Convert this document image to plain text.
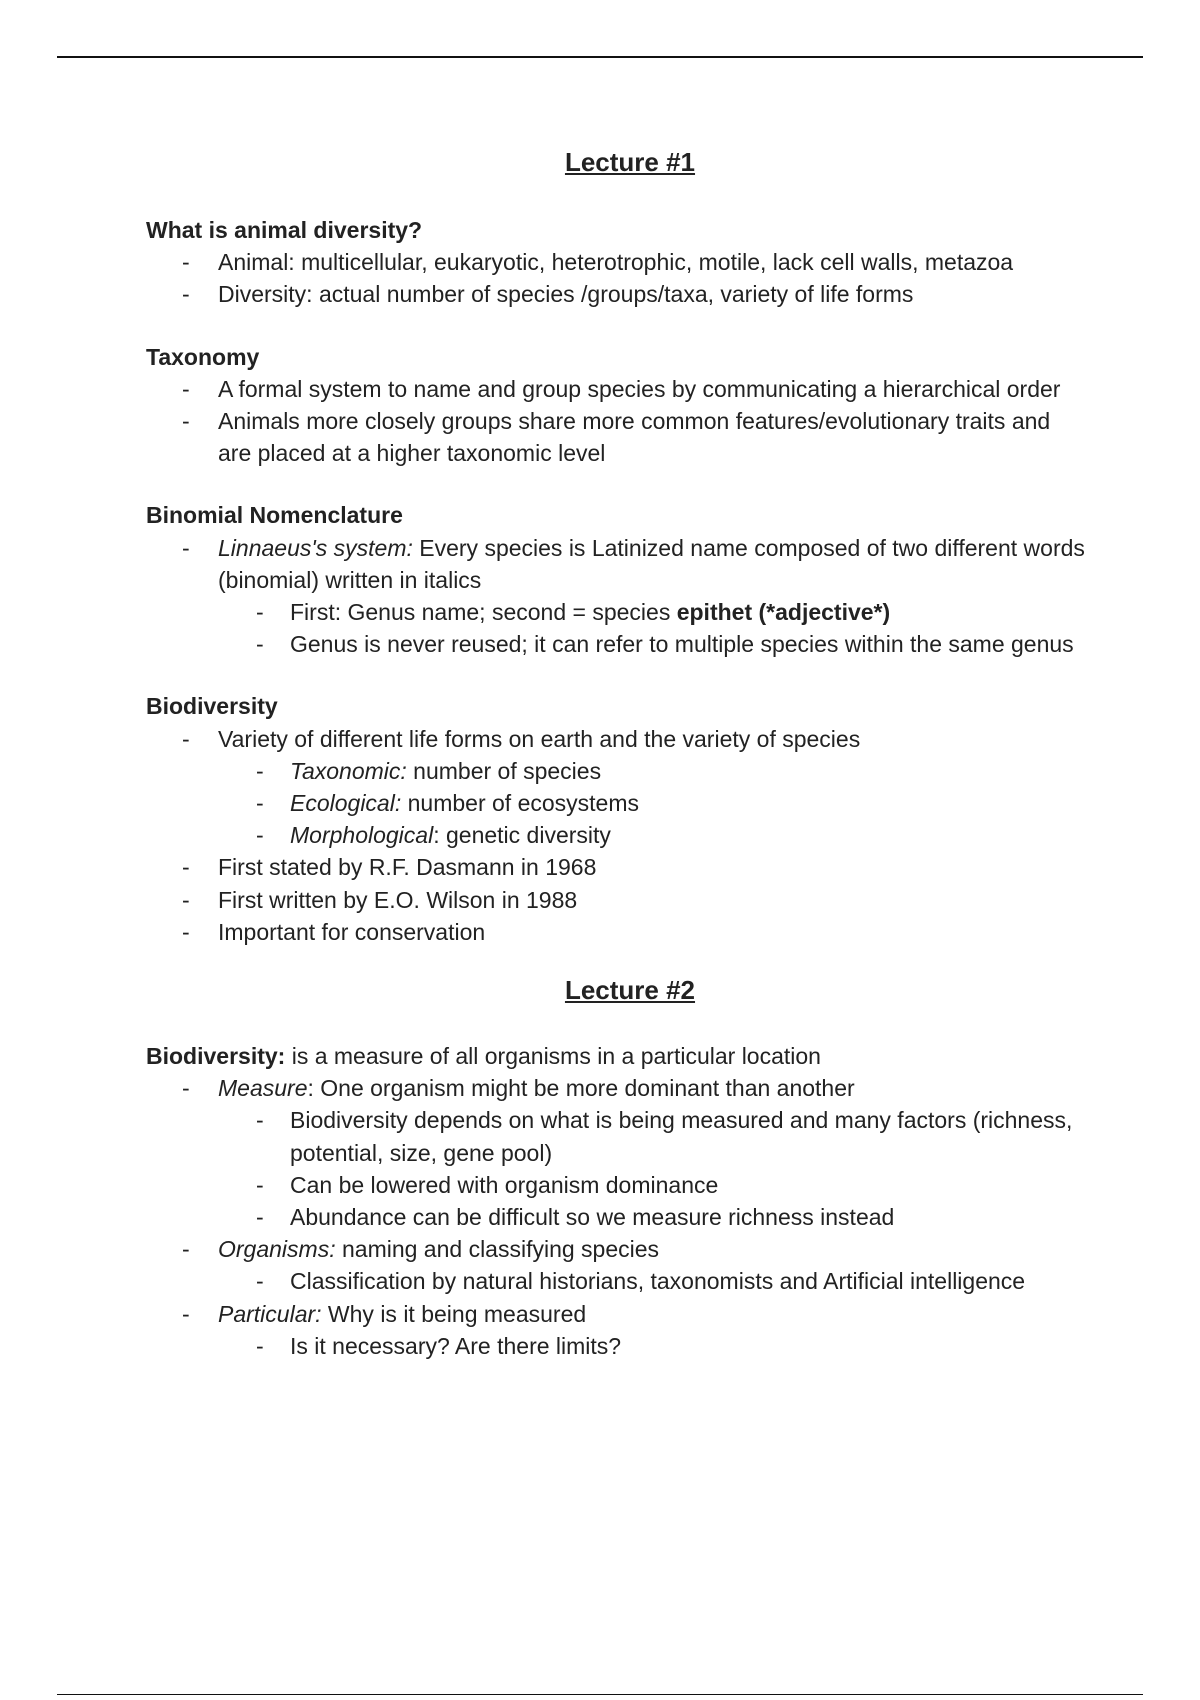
Lecture #1

What is animal diversity?

- Animal: multicellular, eukaryotic, heterotrophic, motile, lack cell walls, metazoa
- Diversity: actual number of species /groups/taxa, variety of life forms

Taxonomy

- A formal system to name and group species by communicating a hierarchical order
- Animals more closely groups share more common features/evolutionary traits and are placed at a higher taxonomic level

Binomial Nomenclature

- Linnaeus's system: Every species is Latinized name composed of two different words (binomial) written in italics
- First: Genus name; second = species epithet (*adjective*)
- Genus is never reused; it can refer to multiple species within the same genus

Biodiversity

- Variety of different life forms on earth and the variety of species
- Taxonomic: number of species
- Ecological: number of ecosystems
- Morphological: genetic diversity
- First stated by R.F. Dasmann in 1968
- First written by E.O. Wilson in 1988
- Important for conservation
Lecture #2

Biodiversity: is a measure of all organisms in a particular location

- Measure: One organism might be more dominant than another
- Biodiversity depends on what is being measured and many factors (richness, potential, size, gene pool)
- Can be lowered with organism dominance
- Abundance can be difficult so we measure richness instead
- Organisms: naming and classifying species
- Classification by natural historians, taxonomists and Artificial intelligence
- Particular: Why is it being measured
- Is it necessary? Are there limits?
